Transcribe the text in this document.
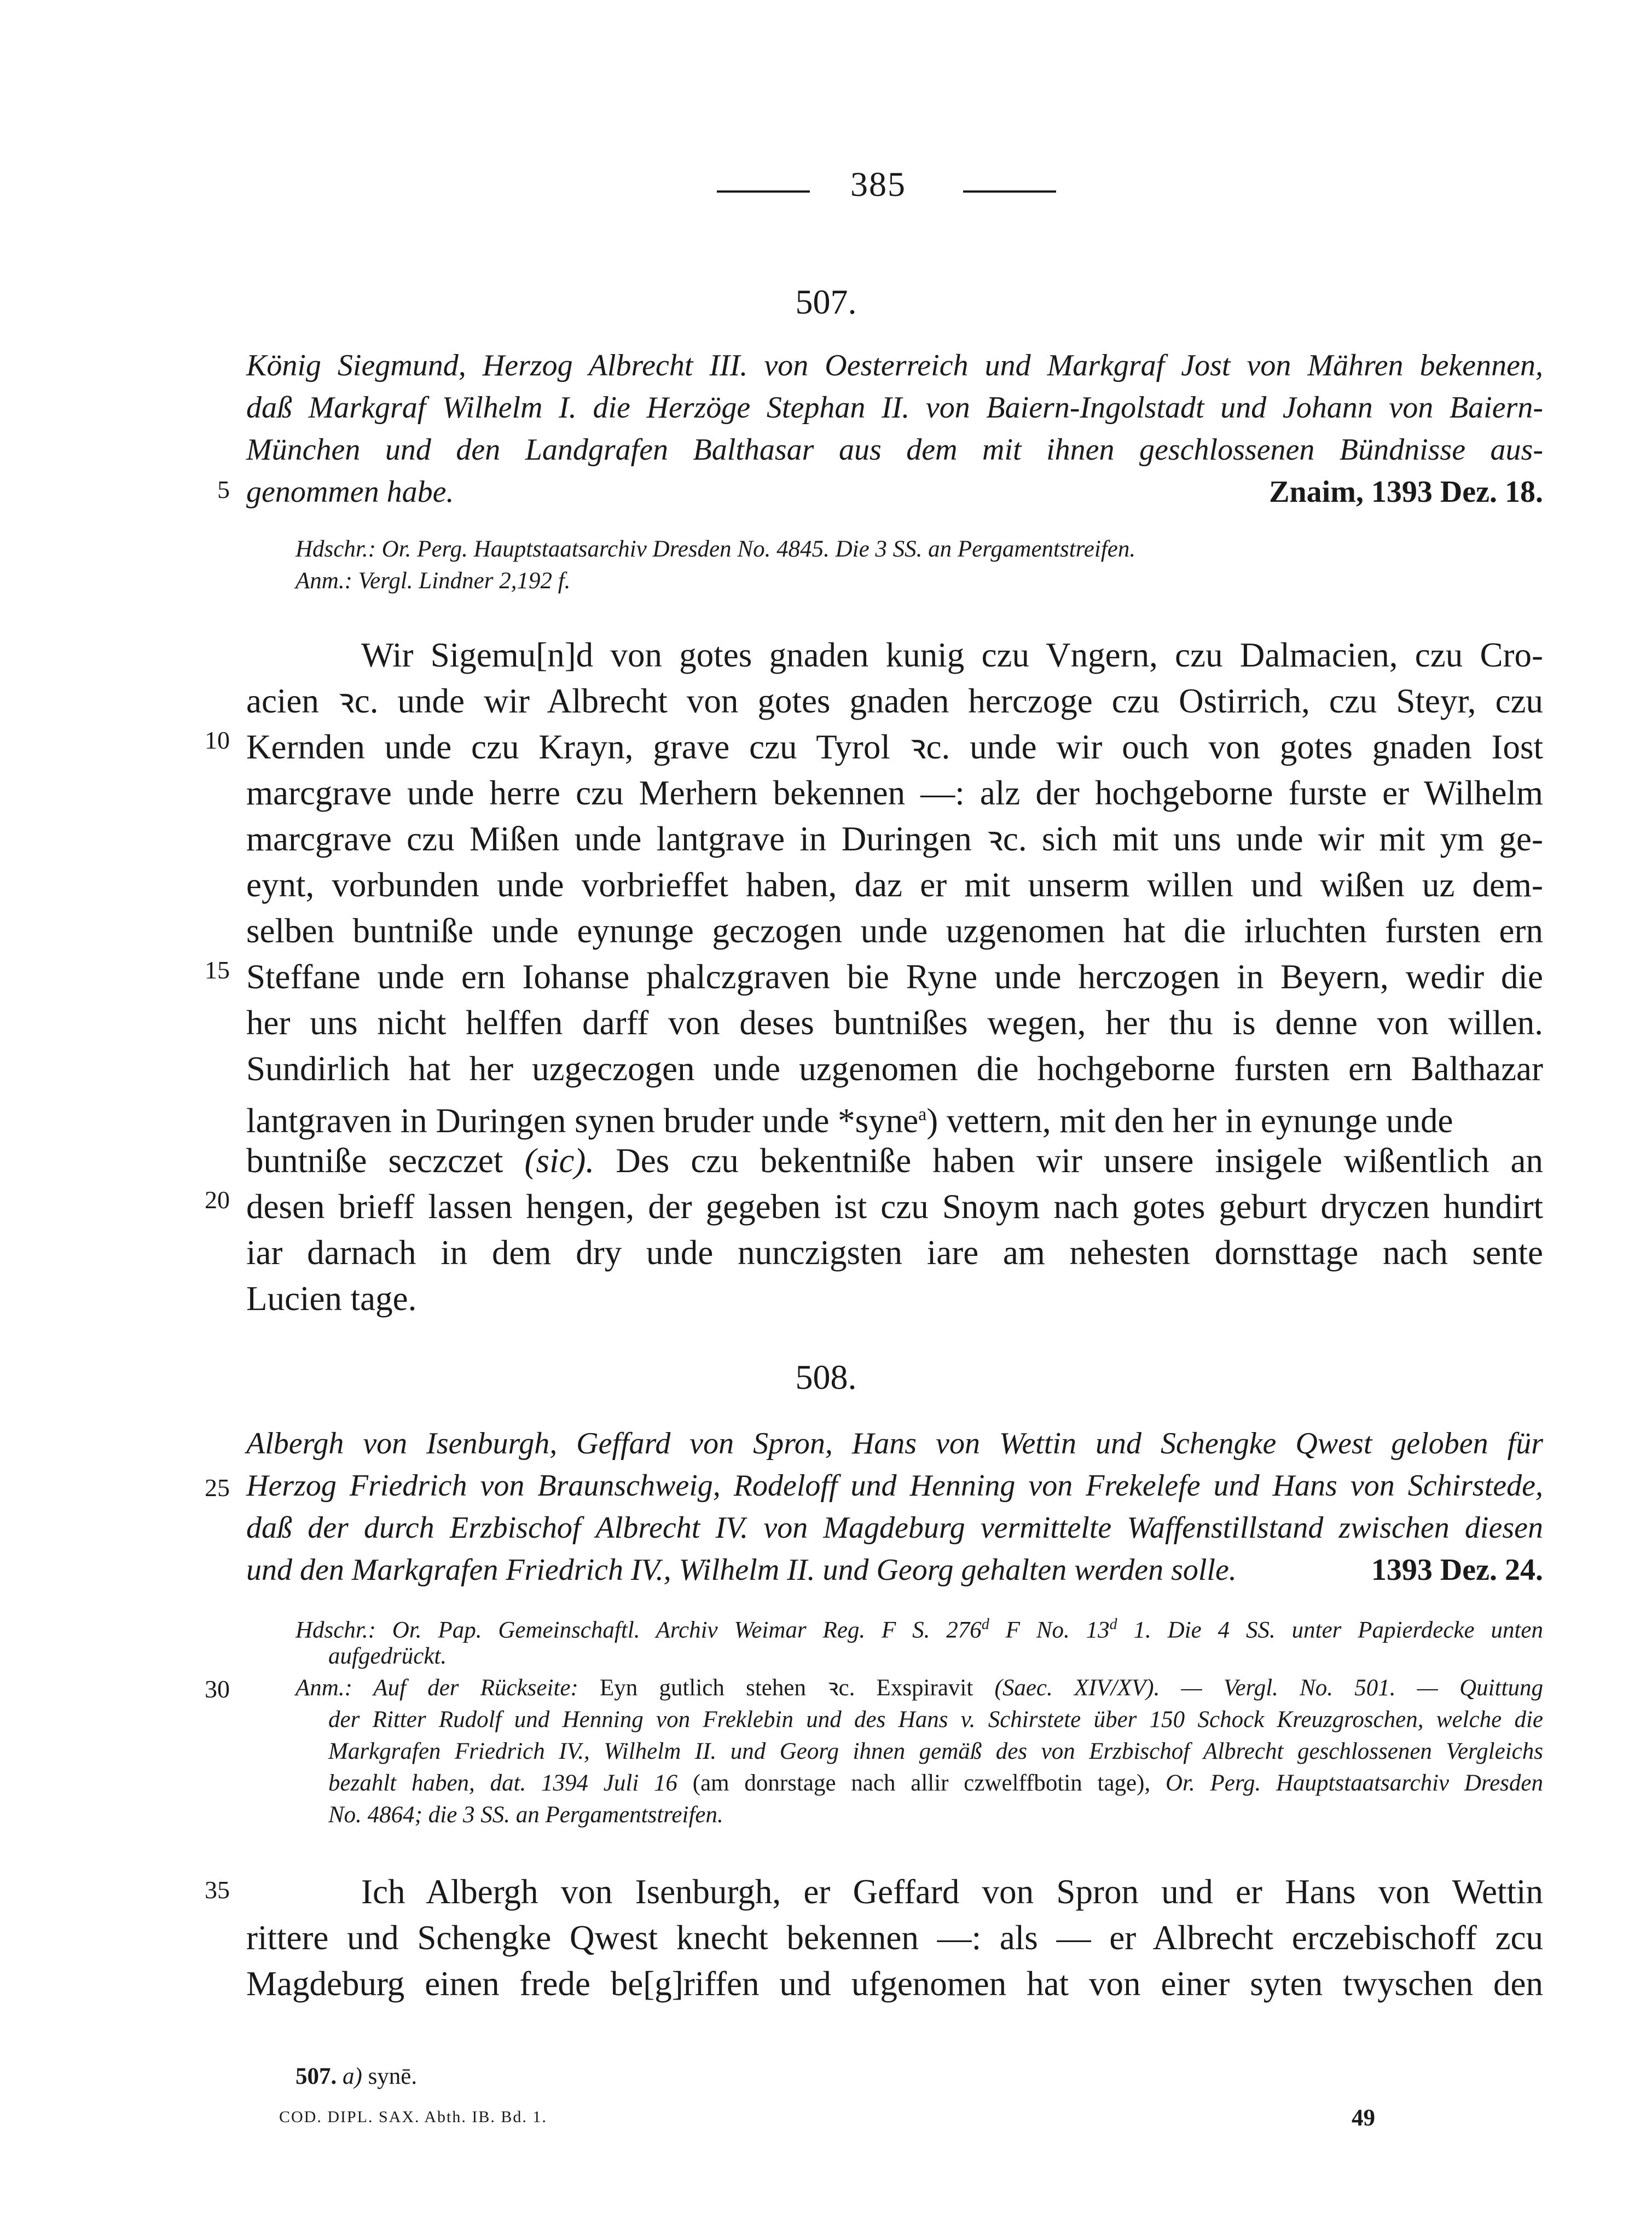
385
507.
König Siegmund, Herzog Albrecht III. von Oesterreich und Markgraf Jost von Mähren bekennen,
daß Markgraf Wilhelm I. die Herzöge Stephan II. von Baiern-Ingolstadt und Johann von Baiern-
München und den Landgrafen Balthasar aus dem mit ihnen geschlossenen Bündnisse aus-
genommen habe.	Znaim, 1393 Dez. 18.
Hdschr.: Or. Perg. Hauptstaatsarchiv Dresden No. 4845. Die 3 SS. an Pergamentstreifen.
Anm.: Vergl. Lindner 2,192 f.
Wir Sigemu[n]d von gotes gnaden kunig czu Vngern, czu Dalmacien, czu Cro-
acien ꝛc. unde wir Albrecht von gotes gnaden herczoge czu Ostirrich, czu Steyr, czu
Kernden unde czu Krayn, grave czu Tyrol ꝛc. unde wir ouch von gotes gnaden Iost
marcgrave unde herre czu Merhern bekennen —: alz der hochgeborne furste er Wilhelm
marcgrave czu Mißen unde lantgrave in Duringen ꝛc. sich mit uns unde wir mit ym ge-
eynt, vorbunden unde vorbrieffet haben, daz er mit unserm willen und wißen uz dem-
selben buntniße unde eynunge geczogen unde uzgenomen hat die irluchten fursten ern
Steffane unde ern Iohanse phalczgraven bie Ryne unde herczogen in Beyern, wedir die
her uns nicht helffen darff von deses buntnißes wegen, her thu is denne von willen.
Sundirlich hat her uzgeczogen unde uzgenomen die hochgeborne fursten ern Balthazar
lantgraven in Duringen synen bruder unde *syne$^a$) vettern, mit den her in eynunge unde
buntniße seczczet (sic). Des czu bekentniße haben wir unsere insigele wißentlich an
desen brieff lassen hengen, der gegeben ist czu Snoym nach gotes geburt dryczen hundirt
iar darnach in dem dry unde nunczigsten iare am nehesten dornsttage nach sente
Lucien tage.
508.
Albergh von Isenburgh, Geffard von Spron, Hans von Wettin und Schengke Qwest geloben für
Herzog Friedrich von Braunschweig, Rodeloff und Henning von Frekelefe und Hans von Schirstede,
daß der durch Erzbischof Albrecht IV. von Magdeburg vermittelte Waffenstillstand zwischen diesen
und den Markgrafen Friedrich IV., Wilhelm II. und Georg gehalten werden solle.	1393 Dez. 24.
Hdschr.: Or. Pap. Gemeinschaftl. Archiv Weimar Reg. F S. 276$^d$ F No. 13$^d$ 1. Die 4 SS. unter Papierdecke unten
aufgedrückt.
Anm.: Auf der Rückseite: Eyn gutlich stehen ꝛc. Exspiravit (Saec. XIV/XV). — Vergl. No. 501. — Quittung
der Ritter Rudolf und Henning von Freklebin und des Hans v. Schirstete über 150 Schock Kreuzgroschen, welche die
Markgrafen Friedrich IV., Wilhelm II. und Georg ihnen gemäß des von Erzbischof Albrecht geschlossenen Vergleichs
bezahlt haben, dat. 1394 Juli 16 (am donrstage nach allir czwelffbotin tage), Or. Perg. Hauptstaatsarchiv Dresden
No. 4864; die 3 SS. an Pergamentstreifen.
Ich Albergh von Isenburgh, er Geffard von Spron und er Hans von Wettin
rittere und Schengke Qwest knecht bekennen —: als — er Albrecht erczebischoff zcu
Magdeburg einen frede be[g]riffen und ufgenomen hat von einer syten twyschen den
5
10
15
20
25
30
35
507. a) synē.
COD. DIPL. SAX. Abth. IB. Bd. 1.	49
